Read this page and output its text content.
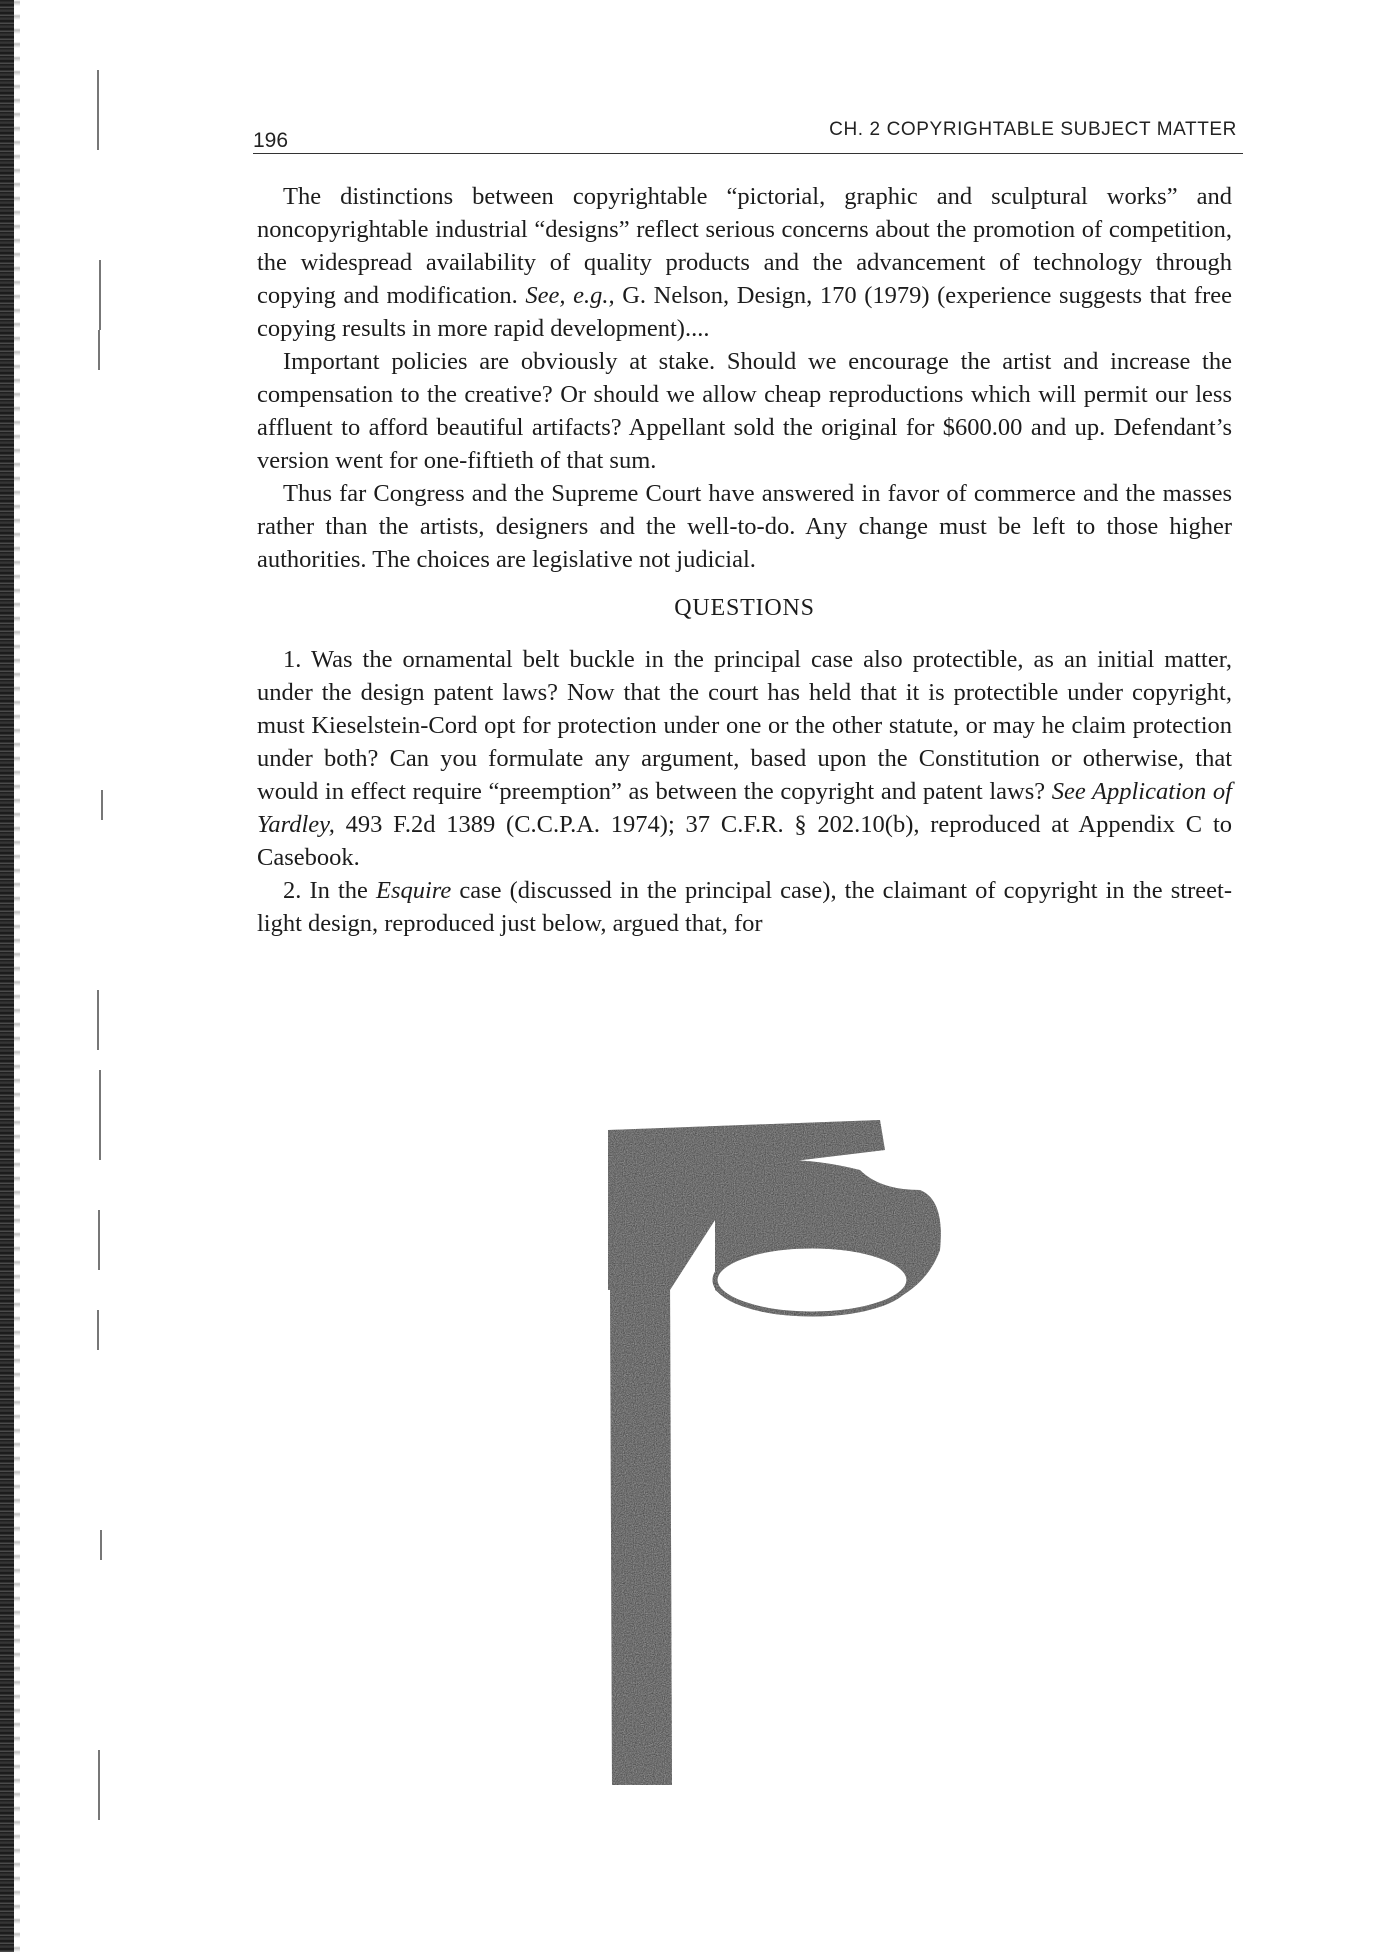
196	CH. 2 COPYRIGHTABLE SUBJECT MATTER

The distinctions between copyrightable “pictorial, graphic and sculptural works” and noncopyrightable industrial “designs” reflect serious concerns about the promotion of competition, the widespread availability of quality products and the advancement of technology through copying and modification. See, e.g., G. Nelson, Design, 170 (1979) (experience suggests that free copying results in more rapid development)....

Important policies are obviously at stake. Should we encourage the artist and increase the compensation to the creative? Or should we allow cheap reproductions which will permit our less affluent to afford beautiful artifacts? Appellant sold the original for $600.00 and up. Defendant’s version went for one-fiftieth of that sum.

Thus far Congress and the Supreme Court have answered in favor of commerce and the masses rather than the artists, designers and the well-to-do. Any change must be left to those higher authorities. The choices are legislative not judicial.

QUESTIONS

1. Was the ornamental belt buckle in the principal case also protectible, as an initial matter, under the design patent laws? Now that the court has held that it is protectible under copyright, must Kieselstein-Cord opt for protection under one or the other statute, or may he claim protection under both? Can you formulate any argument, based upon the Constitution or otherwise, that would in effect require “preemption” as between the copyright and patent laws? See Application of Yardley, 493 F.2d 1389 (C.C.P.A. 1974); 37 C.F.R. § 202.10(b), reproduced at Appendix C to Casebook.

2. In the Esquire case (discussed in the principal case), the claimant of copyright in the street-light design, reproduced just below, argued that, for
